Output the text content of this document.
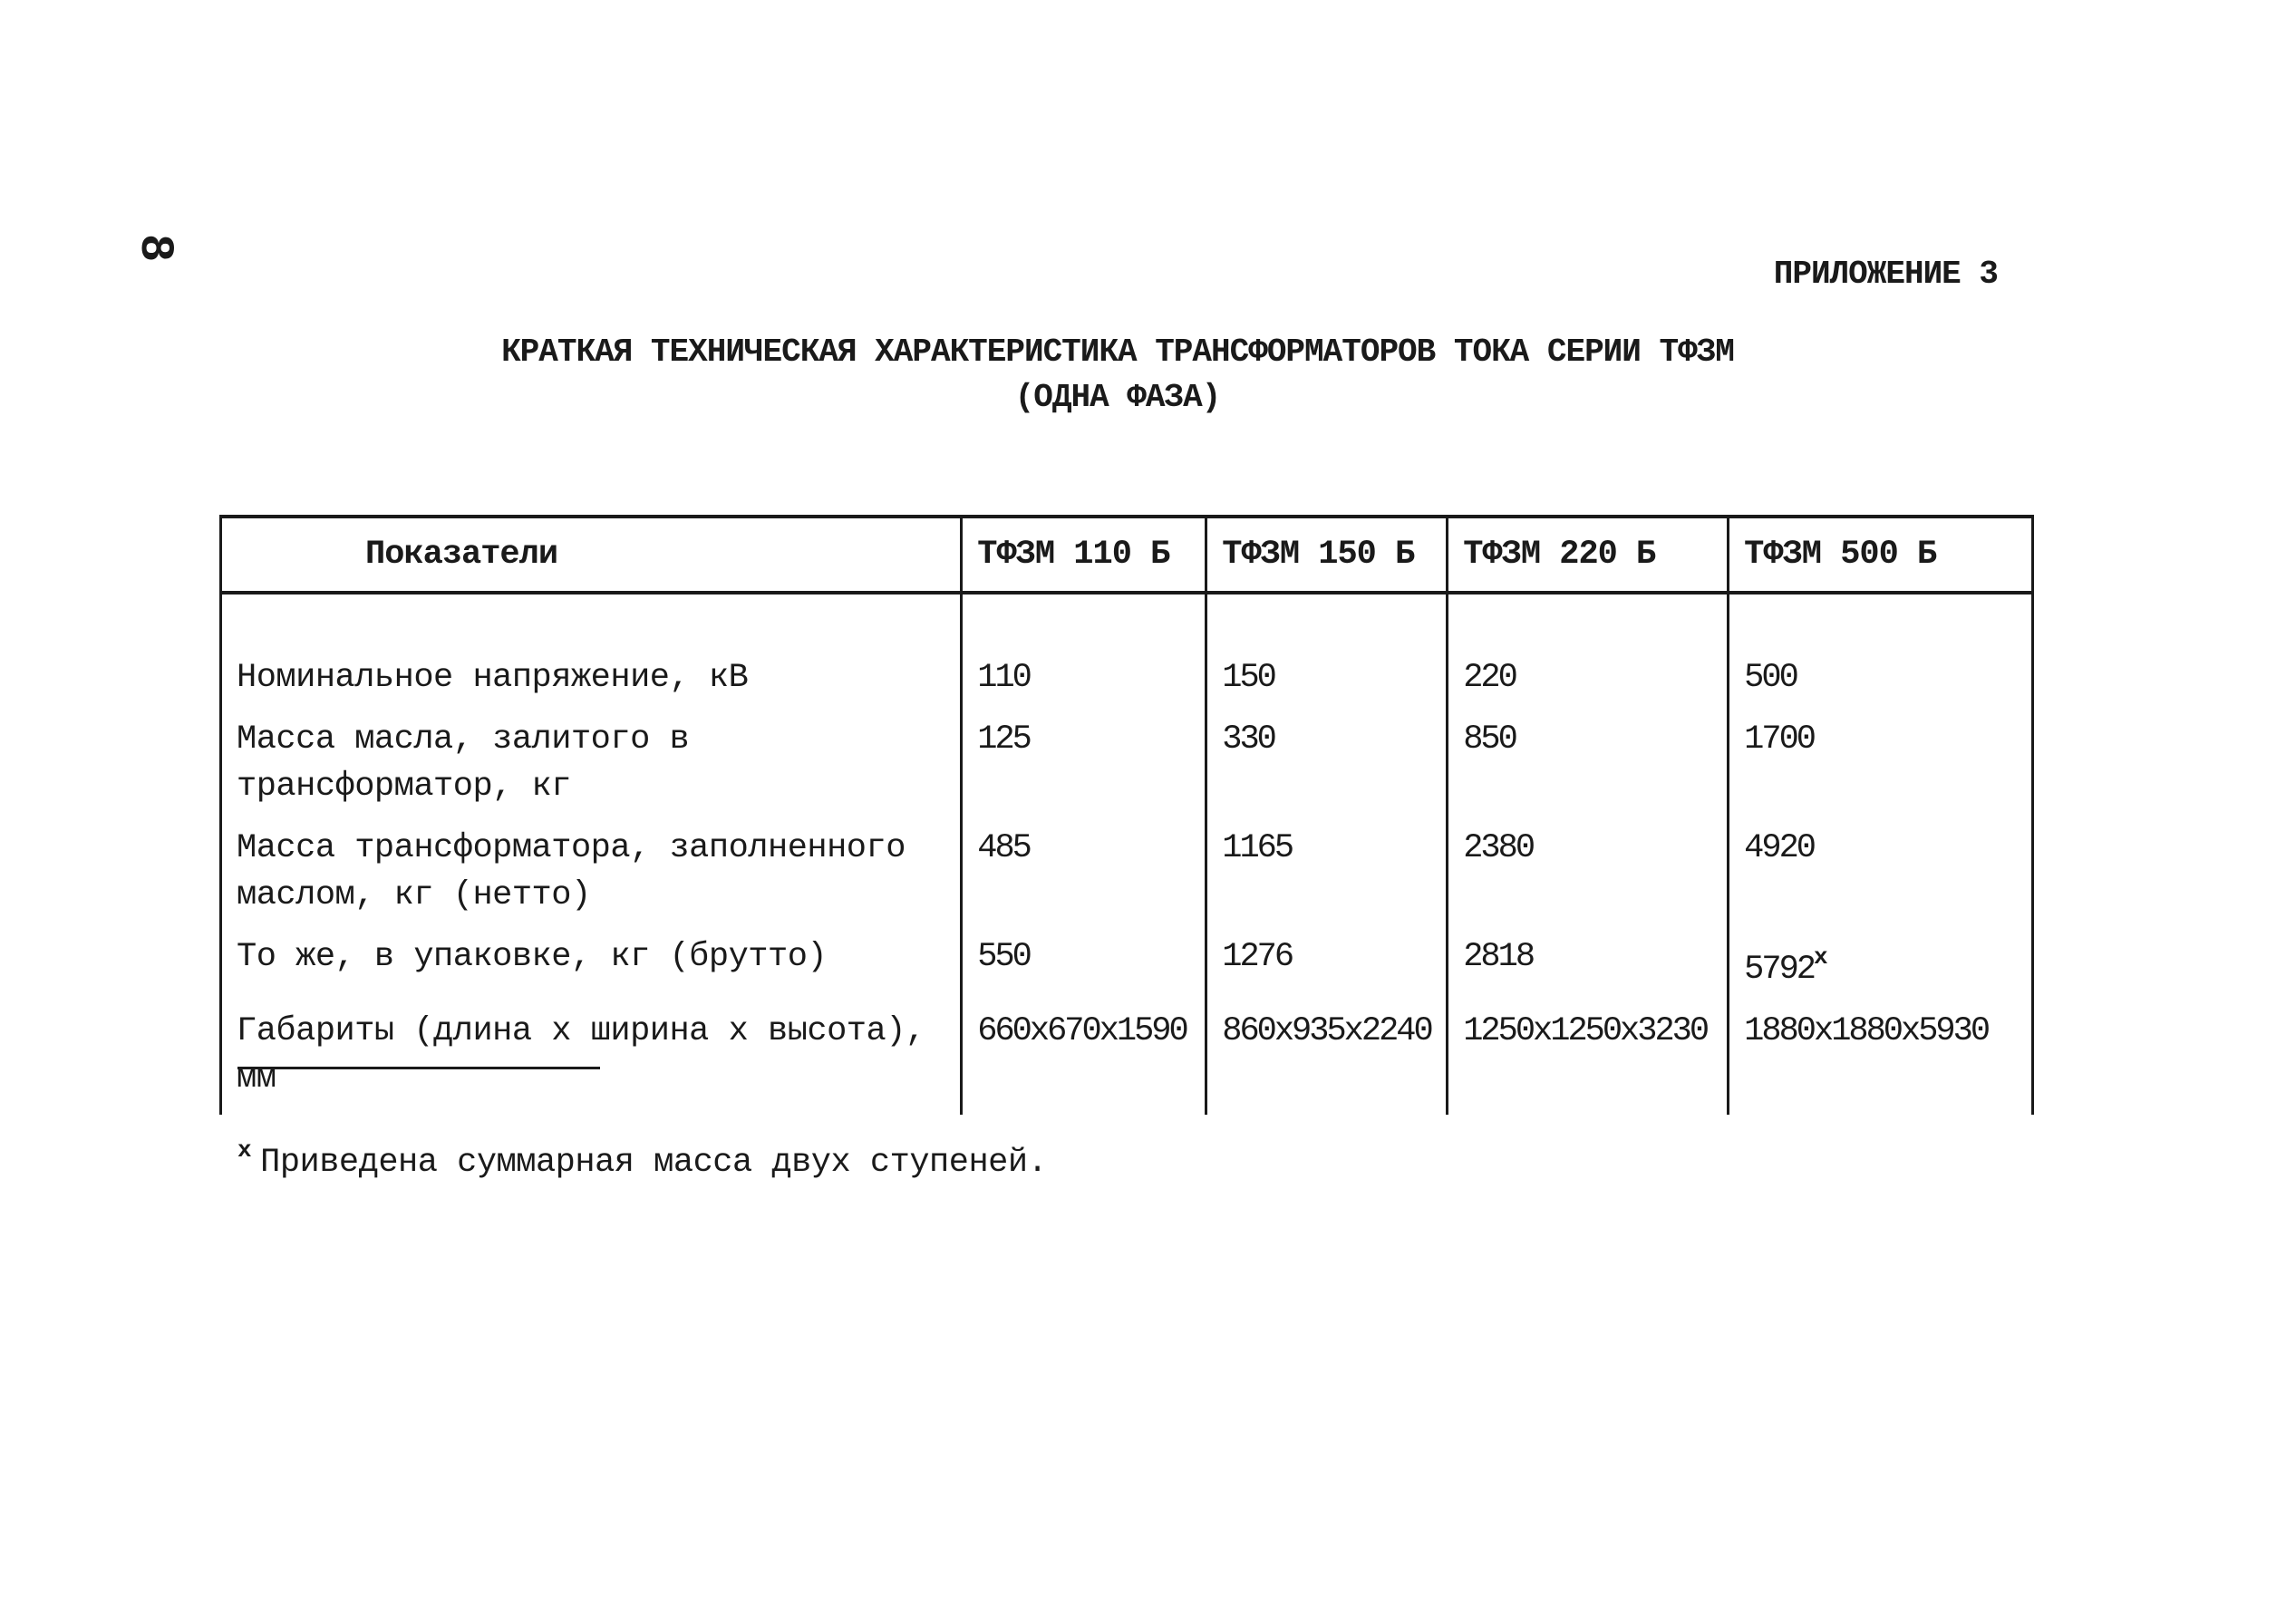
8
ПРИЛОЖЕНИЕ 3
КРАТКАЯ ТЕХНИЧЕСКАЯ ХАРАКТЕРИСТИКА ТРАНСФОРМАТОРОВ ТОКА СЕРИИ ТФЗМ
(ОДНА ФАЗА)
Показатели	ТФЗМ 110 Б	ТФЗМ 150 Б	ТФЗМ 220 Б	ТФЗМ 500 Б

Номинальное напряжение, кВ	110	150	220	500
Масса масла, залитого в трансформатор, кг	125	330	850	1700
Масса трансформатора, заполненного маслом, кг (нетто)	485	1165	2380	4920
То же, в упаковке, кг (брутто)	550	1276	2818	$5792^х$
Габариты (длина х ширина х высота), мм	660х670х1590	860х935х2240	1250х1250х3230	1880х1880х5930
$^х$ Приведена суммарная масса двух ступеней.
